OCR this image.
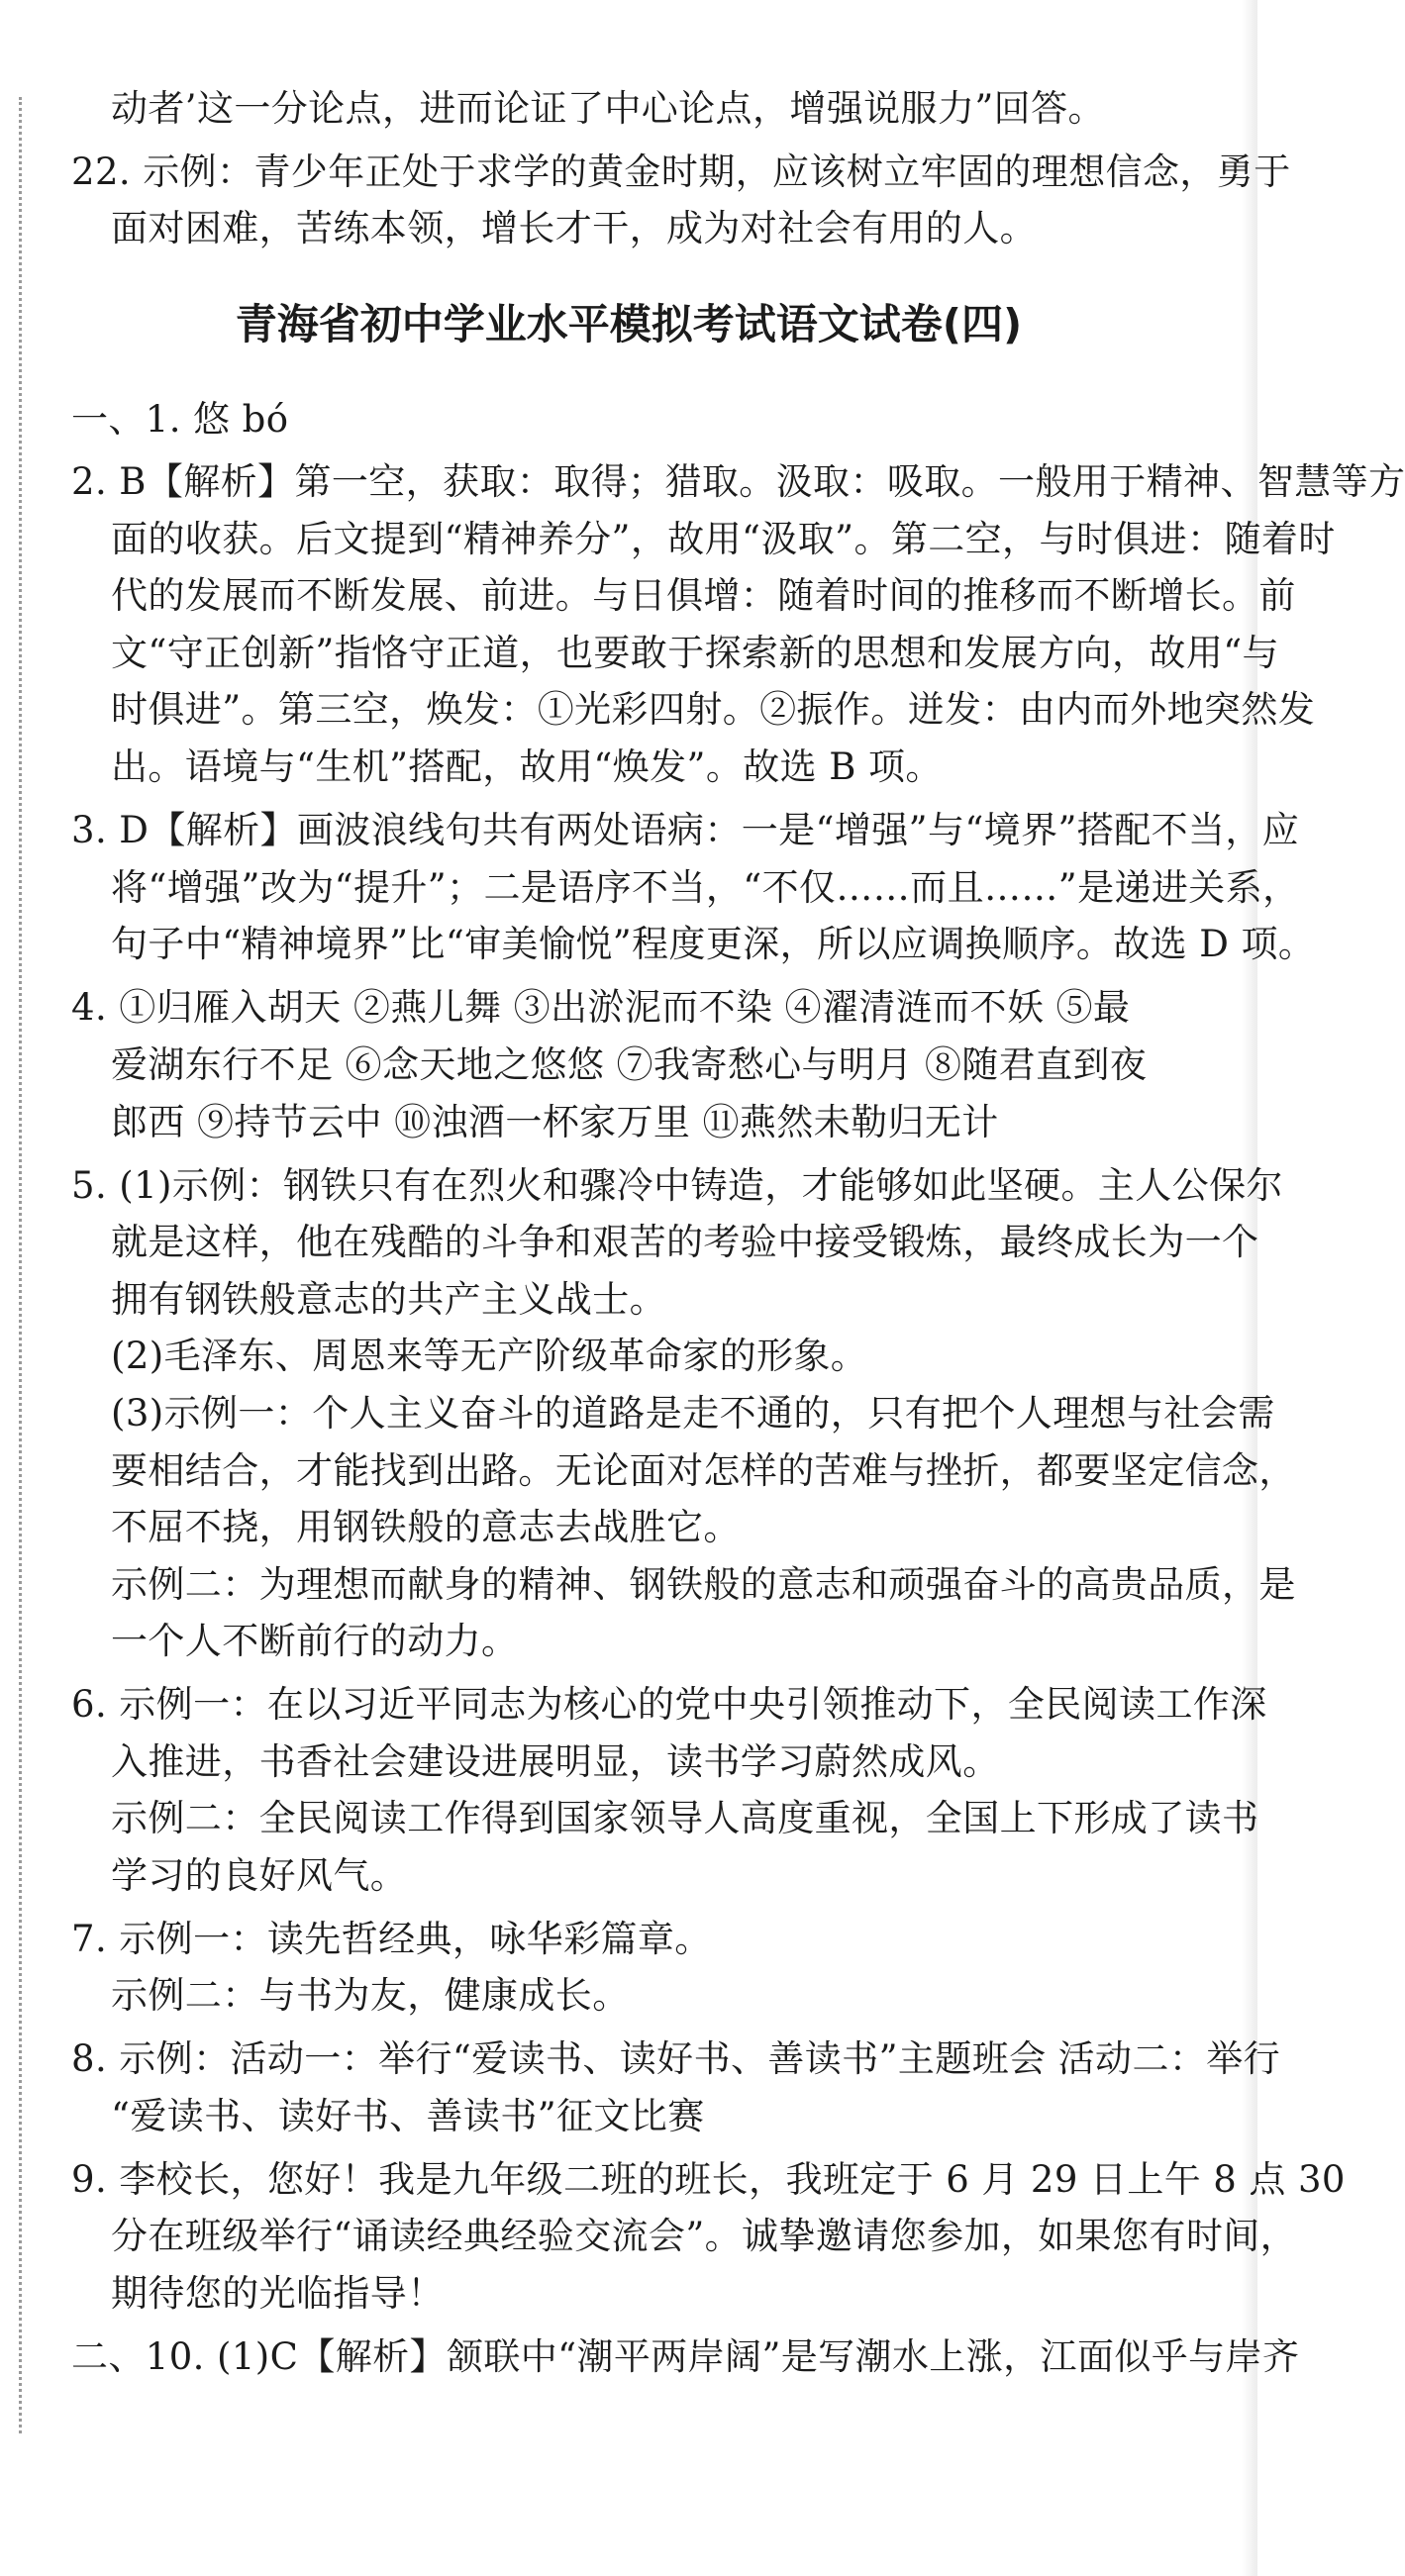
动者’这一分论点，进而论证了中心论点，增强说服力”回答。
22. 示例：青少年正处于求学的黄金时期，应该树立牢固的理想信念，勇于
面对困难，苦练本领，增长才干，成为对社会有用的人。
青海省初中学业水平模拟考试语文试卷(四)
一、1. 悠 bó
2. B【解析】第一空，获取：取得；猎取。汲取：吸取。一般用于精神、智慧等方
面的收获。后文提到“精神养分”，故用“汲取”。第二空，与时俱进：随着时
代的发展而不断发展、前进。与日俱增：随着时间的推移而不断增长。前
文“守正创新”指恪守正道，也要敢于探索新的思想和发展方向，故用“与
时俱进”。第三空，焕发：①光彩四射。②振作。迸发：由内而外地突然发
出。语境与“生机”搭配，故用“焕发”。故选 B 项。
3. D【解析】画波浪线句共有两处语病：一是“增强”与“境界”搭配不当，应
将“增强”改为“提升”；二是语序不当，“不仅……而且……”是递进关系，
句子中“精神境界”比“审美愉悦”程度更深，所以应调换顺序。故选 D 项。
4. ①归雁入胡天 ②燕儿舞 ③出淤泥而不染 ④濯清涟而不妖 ⑤最
爱湖东行不足 ⑥念天地之悠悠 ⑦我寄愁心与明月 ⑧随君直到夜
郎西 ⑨持节云中 ⑩浊酒一杯家万里 ⑪燕然未勒归无计
5. (1)示例：钢铁只有在烈火和骤冷中铸造，才能够如此坚硬。主人公保尔
就是这样，他在残酷的斗争和艰苦的考验中接受锻炼，最终成长为一个
拥有钢铁般意志的共产主义战士。
(2)毛泽东、周恩来等无产阶级革命家的形象。
(3)示例一：个人主义奋斗的道路是走不通的，只有把个人理想与社会需
要相结合，才能找到出路。无论面对怎样的苦难与挫折，都要坚定信念，
不屈不挠，用钢铁般的意志去战胜它。
示例二：为理想而献身的精神、钢铁般的意志和顽强奋斗的高贵品质，是
一个人不断前行的动力。
6. 示例一：在以习近平同志为核心的党中央引领推动下，全民阅读工作深
入推进，书香社会建设进展明显，读书学习蔚然成风。
示例二：全民阅读工作得到国家领导人高度重视，全国上下形成了读书
学习的良好风气。
7. 示例一：读先哲经典，咏华彩篇章。
示例二：与书为友，健康成长。
8. 示例：活动一：举行“爱读书、读好书、善读书”主题班会 活动二：举行
“爱读书、读好书、善读书”征文比赛
9. 李校长，您好！我是九年级二班的班长，我班定于 6 月 29 日上午 8 点 30
分在班级举行“诵读经典经验交流会”。诚挚邀请您参加，如果您有时间，
期待您的光临指导！
二、10. (1)C【解析】颔联中“潮平两岸阔”是写潮水上涨，江面似乎与岸齐
